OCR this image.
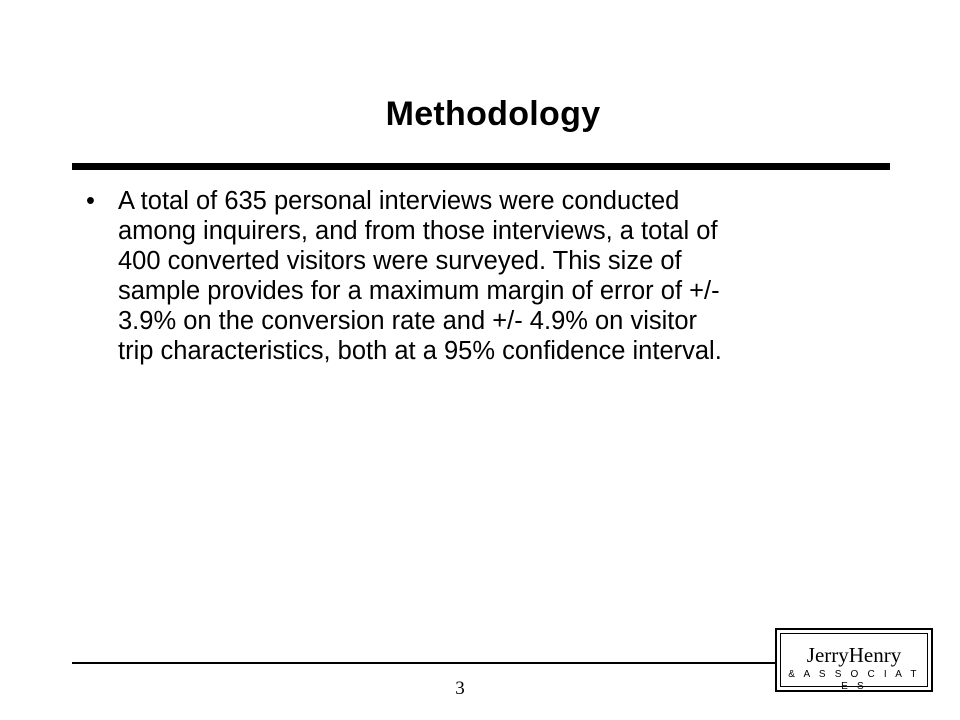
Methodology
• A total of 635 personal interviews were conducted
among inquirers, and from those interviews, a total of
400 converted visitors were surveyed. This size of
sample provides for a maximum margin of error of +/-
3.9% on the conversion rate and +/- 4.9% on visitor
trip characteristics, both at a 95% confidence interval.
3
JerryHenry
& A S S O C I A T E S
